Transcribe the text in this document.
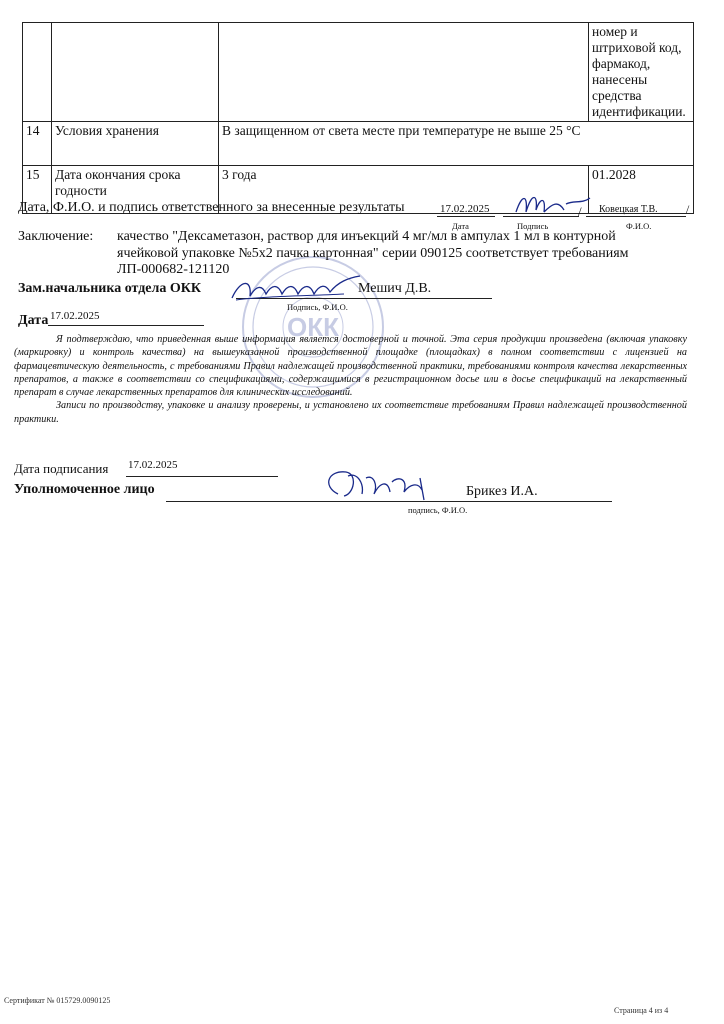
			номер и штриховой код, фармакод, нанесены средства идентификации.
14	Условия хранения	В защищенном от света месте при температуре не выше 25 °С	
15	Дата окончания срока годности	3 года	01.2028
ОКК
Дата, Ф.И.О. и подпись ответственного за внесенные результаты	17.02.2025	/ Ковецкая Т.В. /
Дата	Подпись	Ф.И.О.
Заключение: качество "Дексаметазон, раствор для инъекций 4 мг/мл в ампулах 1 мл в контурной
ячейковой упаковке №5х2 пачка картонная" серии 090125 соответствует требованиям
ЛП-000682-121120
Зам.начальника отдела ОКК	Мешич Д.В.
Подпись, Ф.И.О.
Дата 17.02.2025

Я подтверждаю, что приведенная выше информация является достоверной и точной. Эта серия продукции произведена (включая упаковку (маркировку) и контроль качества) на вышеуказанной производственной площадке (площадках) в полном соответствии с лицензией на фармацевтическую деятельность, с требованиями Правил надлежащей производственной практики, требованиями контроля качества лекарственных препаратов, а также в соответствии со спецификациями, содержащимися в регистрационном досье или в досье спецификаций на лекарственный препарат в случае лекарственных препаратов для клинических исследований.

Записи по производству, упаковке и анализу проверены, и установлено их соответствие требованиям Правил надлежащей производственной практики.

Дата подписания 17.02.2025
Уполномоченное лицо	Брикез И.А.
подпись, Ф.И.О.
Сертификат № 015729.0090125
Страница 4 из 4
